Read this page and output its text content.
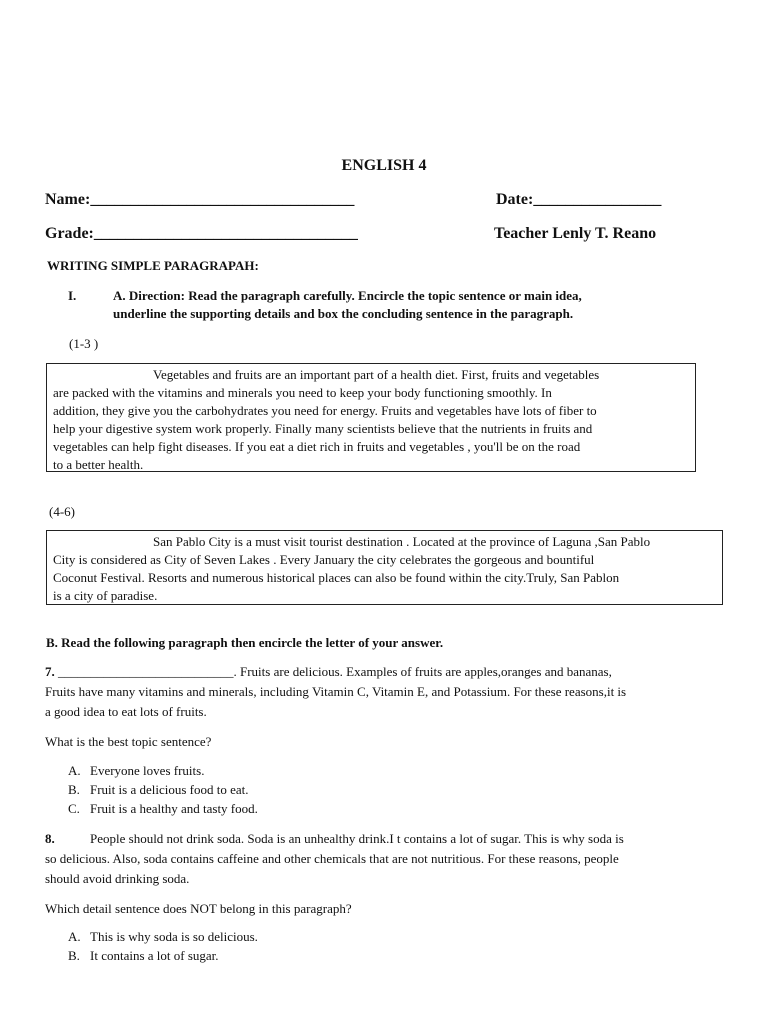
ENGLISH 4
Name:_________________________________	Date:________________
Grade:_________________________________	Teacher Lenly T. Reano
WRITING SIMPLE PARAGRAPAH:
I.	A. Direction: Read the paragraph carefully. Encircle the topic sentence or main idea,
underline the supporting details and box the concluding sentence in the paragraph.
(1-3 )
Vegetables and fruits are an important part of a health diet. First, fruits and vegetables
are packed with the vitamins and minerals you need to keep your body functioning smoothly. In
addition, they give you the carbohydrates you need for energy. Fruits and vegetables have lots of fiber to
help your digestive system work properly. Finally many scientists believe that the nutrients in fruits and
vegetables can help fight diseases. If you eat a diet rich in fruits and vegetables , you'll be on the road
to a better health.
(4-6)
San Pablo City is a must visit tourist destination . Located at the province of Laguna ,San Pablo
City is considered as City of Seven Lakes . Every January the city celebrates the gorgeous and bountiful
Coconut Festival. Resorts and numerous historical places can also be found within the city.Truly, San Pablon
is a city of paradise.
B. Read the following paragraph then encircle the letter of your answer.
7. ___________________________. Fruits are delicious. Examples of fruits are apples,oranges and bananas,
Fruits have many vitamins and minerals, including Vitamin C, Vitamin E, and Potassium. For these reasons,it is
a good idea to eat lots of fruits.
What is the best topic sentence?
A. Everyone loves fruits.
B. Fruit is a delicious food to eat.
C. Fruit is a healthy and tasty food.
8.	People should not drink soda. Soda is an unhealthy drink.I t contains a lot of sugar. This is why soda is
so delicious. Also, soda contains caffeine and other chemicals that are not nutritious. For these reasons, people
should avoid drinking soda.
Which detail sentence does NOT belong in this paragraph?
A. This is why soda is so delicious.
B. It contains a lot of sugar.
